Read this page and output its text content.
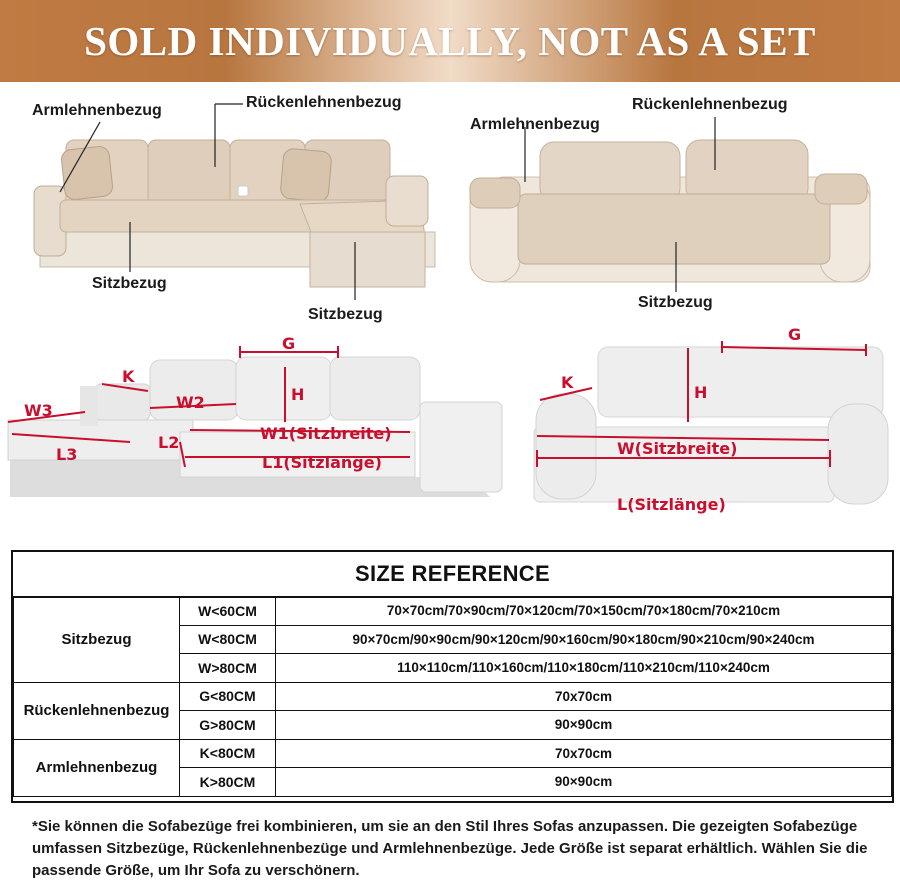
SOLD INDIVIDUALLY, NOT AS A SET
G
H
K
W2
W3
W1(Sitzbreite)
L1(Sitzlänge)
L2
L3
G
H
K
W(Sitzbreite)
L(Sitzlänge)
Armlehnenbezug	Rückenlehnenbezug
Sitzbezug
Sitzbezug
Armlehnenbezug
Rückenlehnenbezug
Sitzbezug
SIZE REFERENCE
Sitzbezug	W<60CM	70×70cm/70×90cm/70×120cm/70×150cm/70×180cm/70×210cm
	W<80CM	90×70cm/90×90cm/90×120cm/90×160cm/90×180cm/90×210cm/90×240cm
	W>80CM	110×110cm/110×160cm/110×180cm/110×210cm/110×240cm
Rückenlehnenbezug	G<80CM	70x70cm
	G>80CM	90×90cm
Armlehnenbezug	K<80CM	70x70cm
	K>80CM	90×90cm
*Sie können die Sofabezüge frei kombinieren, um sie an den Stil Ihres Sofas anzupassen. Die gezeigten Sofabezüge umfassen Sitzbezüge, Rückenlehnenbezüge und Armlehnenbezüge. Jede Größe ist separat erhältlich. Wählen Sie die passende Größe, um Ihr Sofa zu verschönern.
